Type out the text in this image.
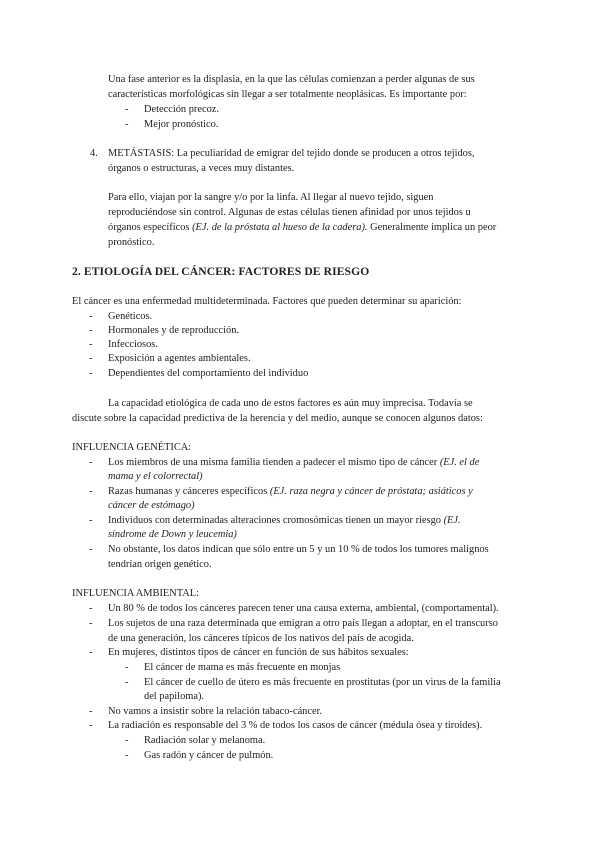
Una fase anterior es la displasia, en la que las células comienzan a perder algunas de sus
características morfológicas sin llegar a ser totalmente neoplásicas. Es importante por:
- Detección precoz.
- Mejor pronóstico.
4. METÁSTASIS: La peculiaridad de emigrar del tejido donde se producen a otros tejidos,
órganos o estructuras, a veces muy distantes.
Para ello, viajan por la sangre y/o por la linfa. Al llegar al nuevo tejido, siguen
reproduciéndose sin control. Algunas de estas células tienen afinidad por unos tejidos u
órganos específicos (EJ. de la próstata al hueso de la cadera). Generalmente implica un peor
pronóstico.
2. ETIOLOGÍA DEL CÁNCER: FACTORES DE RIESGO
El cáncer es una enfermedad multideterminada. Factores que pueden determinar su aparición:
- Genéticos.
- Hormonales y de reproducción.
- Infecciosos.
- Exposición a agentes ambientales.
- Dependientes del comportamiento del individuo
La capacidad etiológica de cada uno de estos factores es aún muy imprecisa. Todavía se
discute sobre la capacidad predictiva de la herencia y del medio, aunque se conocen algunos datos:
INFLUENCIA GENÉTICA:
- Los miembros de una misma familia tienden a padecer el mismo tipo de cáncer (EJ. el de
mama y el colorrectal)
- Razas humanas y cánceres específicos (EJ. raza negra y cáncer de próstata; asiáticos y
cáncer de estómago)
- Individuos con determinadas alteraciones cromosómicas tienen un mayor riesgo (EJ.
síndrome de Down y leucemia)
- No obstante, los datos indican que sólo entre un 5 y un 10 % de todos los tumores malignos
tendrían origen genético.
INFLUENCIA AMBIENTAL:
- Un 80 % de todos los cánceres parecen tener una causa externa, ambiental, (comportamental).
- Los sujetos de una raza determinada que emigran a otro país llegan a adoptar, en el transcurso
de una generación, los cánceres típicos de los nativos del país de acogida.
- En mujeres, distintos tipos de cáncer en función de sus hábitos sexuales:
- El cáncer de mama es más frecuente en monjas
- El cáncer de cuello de útero es más frecuente en prostitutas (por un virus de la familia
del papiloma).
- No vamos a insistir sobre la relación tabaco-cáncer.
- La radiación es responsable del 3 % de todos los casos de cáncer (médula ósea y tiroides).
- Radiación solar y melanoma.
- Gas radón y cáncer de pulmón.
